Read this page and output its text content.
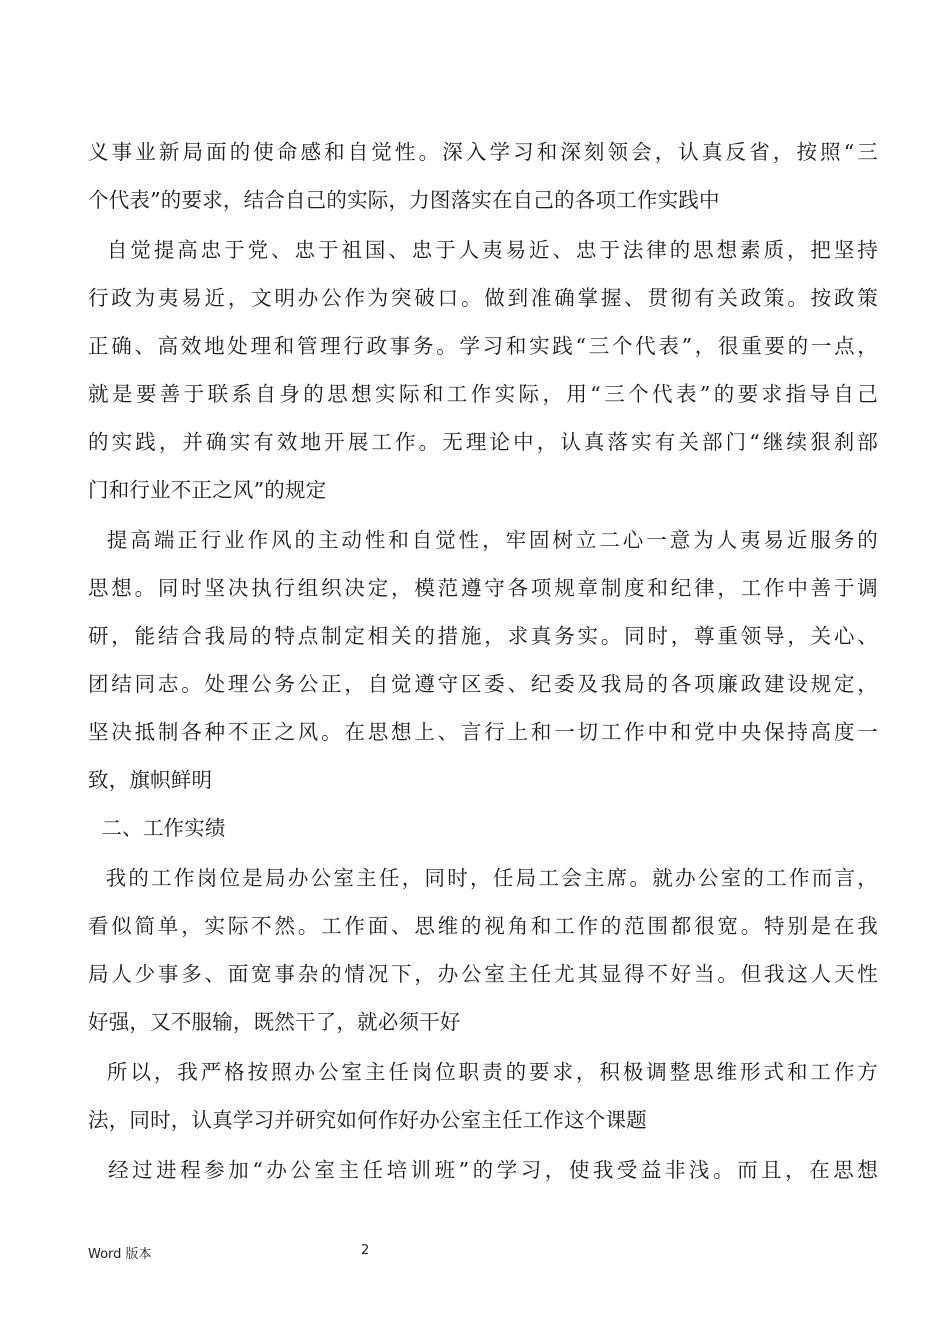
义事业新局面的使命感和自觉性。深入学习和深刻领会，认真反省，按照“三
个代表”的要求，结合自己的实际，力图落实在自己的各项工作实践中
自觉提高忠于党、忠于祖国、忠于人夷易近、忠于法律的思想素质，把坚持
行政为夷易近，文明办公作为突破口。做到准确掌握、贯彻有关政策。按政策
正确、高效地处理和管理行政事务。学习和实践“三个代表”，很重要的一点，
就是要善于联系自身的思想实际和工作实际，用“三个代表”的要求指导自己
的实践，并确实有效地开展工作。无理论中，认真落实有关部门“继续狠刹部
门和行业不正之风”的规定
提高端正行业作风的主动性和自觉性，牢固树立二心一意为人夷易近服务的
思想。同时坚决执行组织决定，模范遵守各项规章制度和纪律，工作中善于调
研，能结合我局的特点制定相关的措施，求真务实。同时，尊重领导，关心、
团结同志。处理公务公正，自觉遵守区委、纪委及我局的各项廉政建设规定，
坚决抵制各种不正之风。在思想上、言行上和一切工作中和党中央保持高度一
致，旗帜鲜明
二、工作实绩
我的工作岗位是局办公室主任，同时，任局工会主席。就办公室的工作而言，
看似简单，实际不然。工作面、思维的视角和工作的范围都很宽。特别是在我
局人少事多、面宽事杂的情况下，办公室主任尤其显得不好当。但我这人天性
好强，又不服输，既然干了，就必须干好
所以，我严格按照办公室主任岗位职责的要求，积极调整思维形式和工作方
法，同时，认真学习并研究如何作好办公室主任工作这个课题
经过进程参加“办公室主任培训班”的学习，使我受益非浅。而且，在思想
Word 版本	2
